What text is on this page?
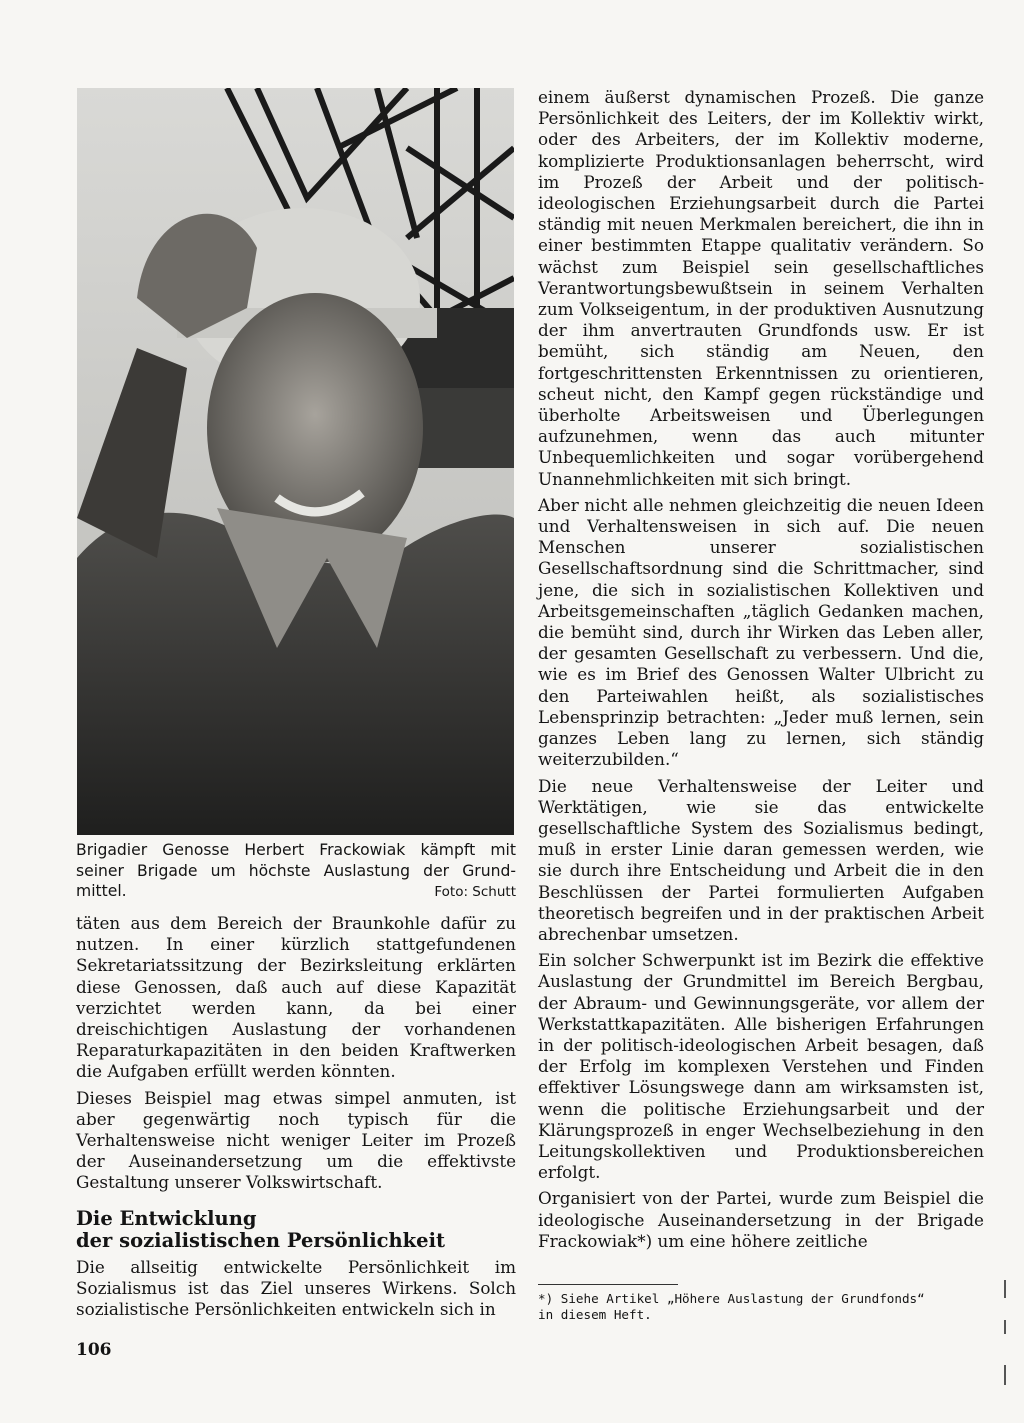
Brigadier Genosse Herbert Frackowiak kämpft mit seiner Brigade um höchste Auslastung der Grund-mittel.	Foto: Schutt

täten aus dem Bereich der Braunkohle dafür zu nutzen. In einer kürzlich stattgefundenen Sekretariatssitzung der Bezirksleitung erklärten diese Genossen, daß auch auf diese Kapazität verzichtet werden kann, da bei einer dreischichtigen Auslastung der vorhandenen Reparaturkapazitäten in den beiden Kraftwerken die Aufgaben erfüllt werden könnten.

Dieses Beispiel mag etwas simpel anmuten, ist aber gegenwärtig noch typisch für die Verhaltensweise nicht weniger Leiter im Prozeß der Auseinandersetzung um die effektivste Gestaltung unserer Volkswirtschaft.

Die Entwicklung
der sozialistischen Persönlichkeit

Die allseitig entwickelte Persönlichkeit im Sozialismus ist das Ziel unseres Wirkens. Solch sozialistische Persönlichkeiten entwickeln sich in

einem äußerst dynamischen Prozeß. Die ganze Persönlichkeit des Leiters, der im Kollektiv wirkt, oder des Arbeiters, der im Kollektiv moderne, komplizierte Produktionsanlagen beherrscht, wird im Prozeß der Arbeit und der politisch-ideologischen Erziehungsarbeit durch die Partei ständig mit neuen Merkmalen bereichert, die ihn in einer bestimmten Etappe qualitativ verändern. So wächst zum Beispiel sein gesellschaftliches Verantwortungsbewußtsein in seinem Verhalten zum Volkseigentum, in der produktiven Ausnutzung der ihm anvertrauten Grundfonds usw. Er ist bemüht, sich ständig am Neuen, den fortgeschrittensten Erkenntnissen zu orientieren, scheut nicht, den Kampf gegen rückständige und überholte Arbeitsweisen und Überlegungen aufzunehmen, wenn das auch mitunter Unbequemlichkeiten und sogar vorübergehend Unannehmlichkeiten mit sich bringt.

Aber nicht alle nehmen gleichzeitig die neuen Ideen und Verhaltensweisen in sich auf. Die neuen Menschen unserer sozialistischen Gesellschaftsordnung sind die Schrittmacher, sind jene, die sich in sozialistischen Kollektiven und Arbeitsgemeinschaften „täglich Gedanken machen, die bemüht sind, durch ihr Wirken das Leben aller, der gesamten Gesellschaft zu verbessern. Und die, wie es im Brief des Genossen Walter Ulbricht zu den Parteiwahlen heißt, als sozialistisches Lebensprinzip betrachten: „Jeder muß lernen, sein ganzes Leben lang zu lernen, sich ständig weiterzubilden.“

Die neue Verhaltensweise der Leiter und Werktätigen, wie sie das entwickelte gesellschaftliche System des Sozialismus bedingt, muß in erster Linie daran gemessen werden, wie sie durch ihre Entscheidung und Arbeit die in den Beschlüssen der Partei formulierten Aufgaben theoretisch begreifen und in der praktischen Arbeit abrechenbar umsetzen.

Ein solcher Schwerpunkt ist im Bezirk die effektive Auslastung der Grundmittel im Bereich Bergbau, der Abraum- und Gewinnungsgeräte, vor allem der Werkstattkapazitäten. Alle bisherigen Erfahrungen in der politisch-ideologischen Arbeit besagen, daß der Erfolg im komplexen Verstehen und Finden effektiver Lösungswege dann am wirksamsten ist, wenn die politische Erziehungsarbeit und der Klärungsprozeß in enger Wechselbeziehung in den Leitungskollektiven und Produktionsbereichen erfolgt.

Organisiert von der Partei, wurde zum Beispiel die ideologische Auseinandersetzung in der Brigade Frackowiak*) um eine höhere zeitliche

*) Siehe Artikel „Höhere Auslastung der Grundfonds“
in diesem Heft.
106
